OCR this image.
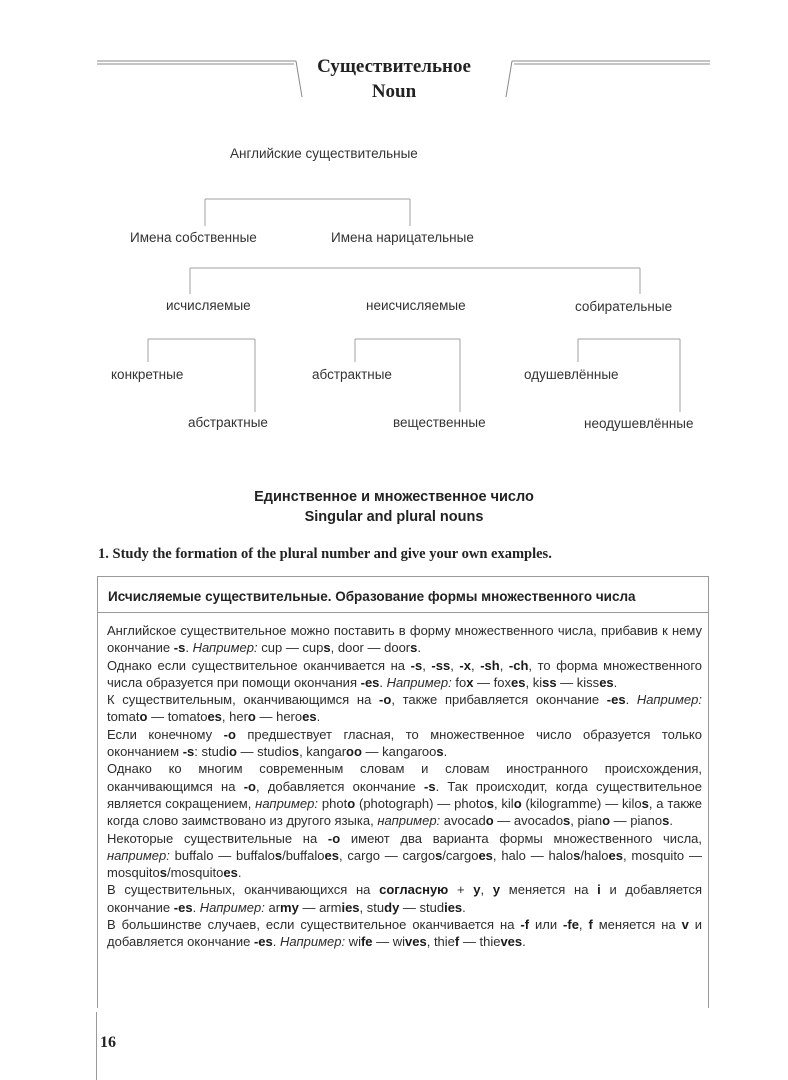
Существительное
Noun
Английские существительные
Имена собственные	Имена нарицательные
исчисляемые	неисчисляемые	собирательные
конкретные	абстрактные	одушевлённые
абстрактные	вещественные	неодушевлённые
Единственное и множественное число
Singular and plural nouns
1. Study the formation of the plural number and give your own examples.
Исчисляемые существительные. Образование формы множественного числа

Английское существительное можно поставить в форму множественного числа, прибавив к нему окончание -s. Например: cup — cups, door — doors.

Однако если существительное оканчивается на -s, -ss, -x, -sh, -ch, то форма множественного числа образуется при помощи окончания -es. Например: fox — foxes, kiss — kisses.

К существительным, оканчивающимся на -o, также прибавляется окончание -es. Например: tomato — tomatoes, hero — heroes.

Если конечному -o предшествует гласная, то множественное число образуется только окончанием -s: studio — studios, kangaroo — kangaroos.

Однако ко многим современным словам и словам иностранного происхождения, оканчивающимся на -o, добавляется окончание -s. Так происходит, когда существительное является сокращением, например: photo (photograph) — photos, kilo (kilogramme) — kilos, а также когда слово заимствовано из другого языка, например: avocado — avocados, piano — pianos.

Некоторые существительные на -o имеют два варианта формы множественного числа, например: buffalo — buffalos/buffaloes, cargo — cargos/cargoes, halo — halos/haloes, mosquito — mosquitos/mosquitoes.

В существительных, оканчивающихся на согласную + y, y меняется на i и добавляется окончание -es. Например: army — armies, study — studies.

В большинстве случаев, если существительное оканчивается на -f или -fe, f меняется на v и добавляется окончание -es. Например: wife — wives, thief — thieves.

16
